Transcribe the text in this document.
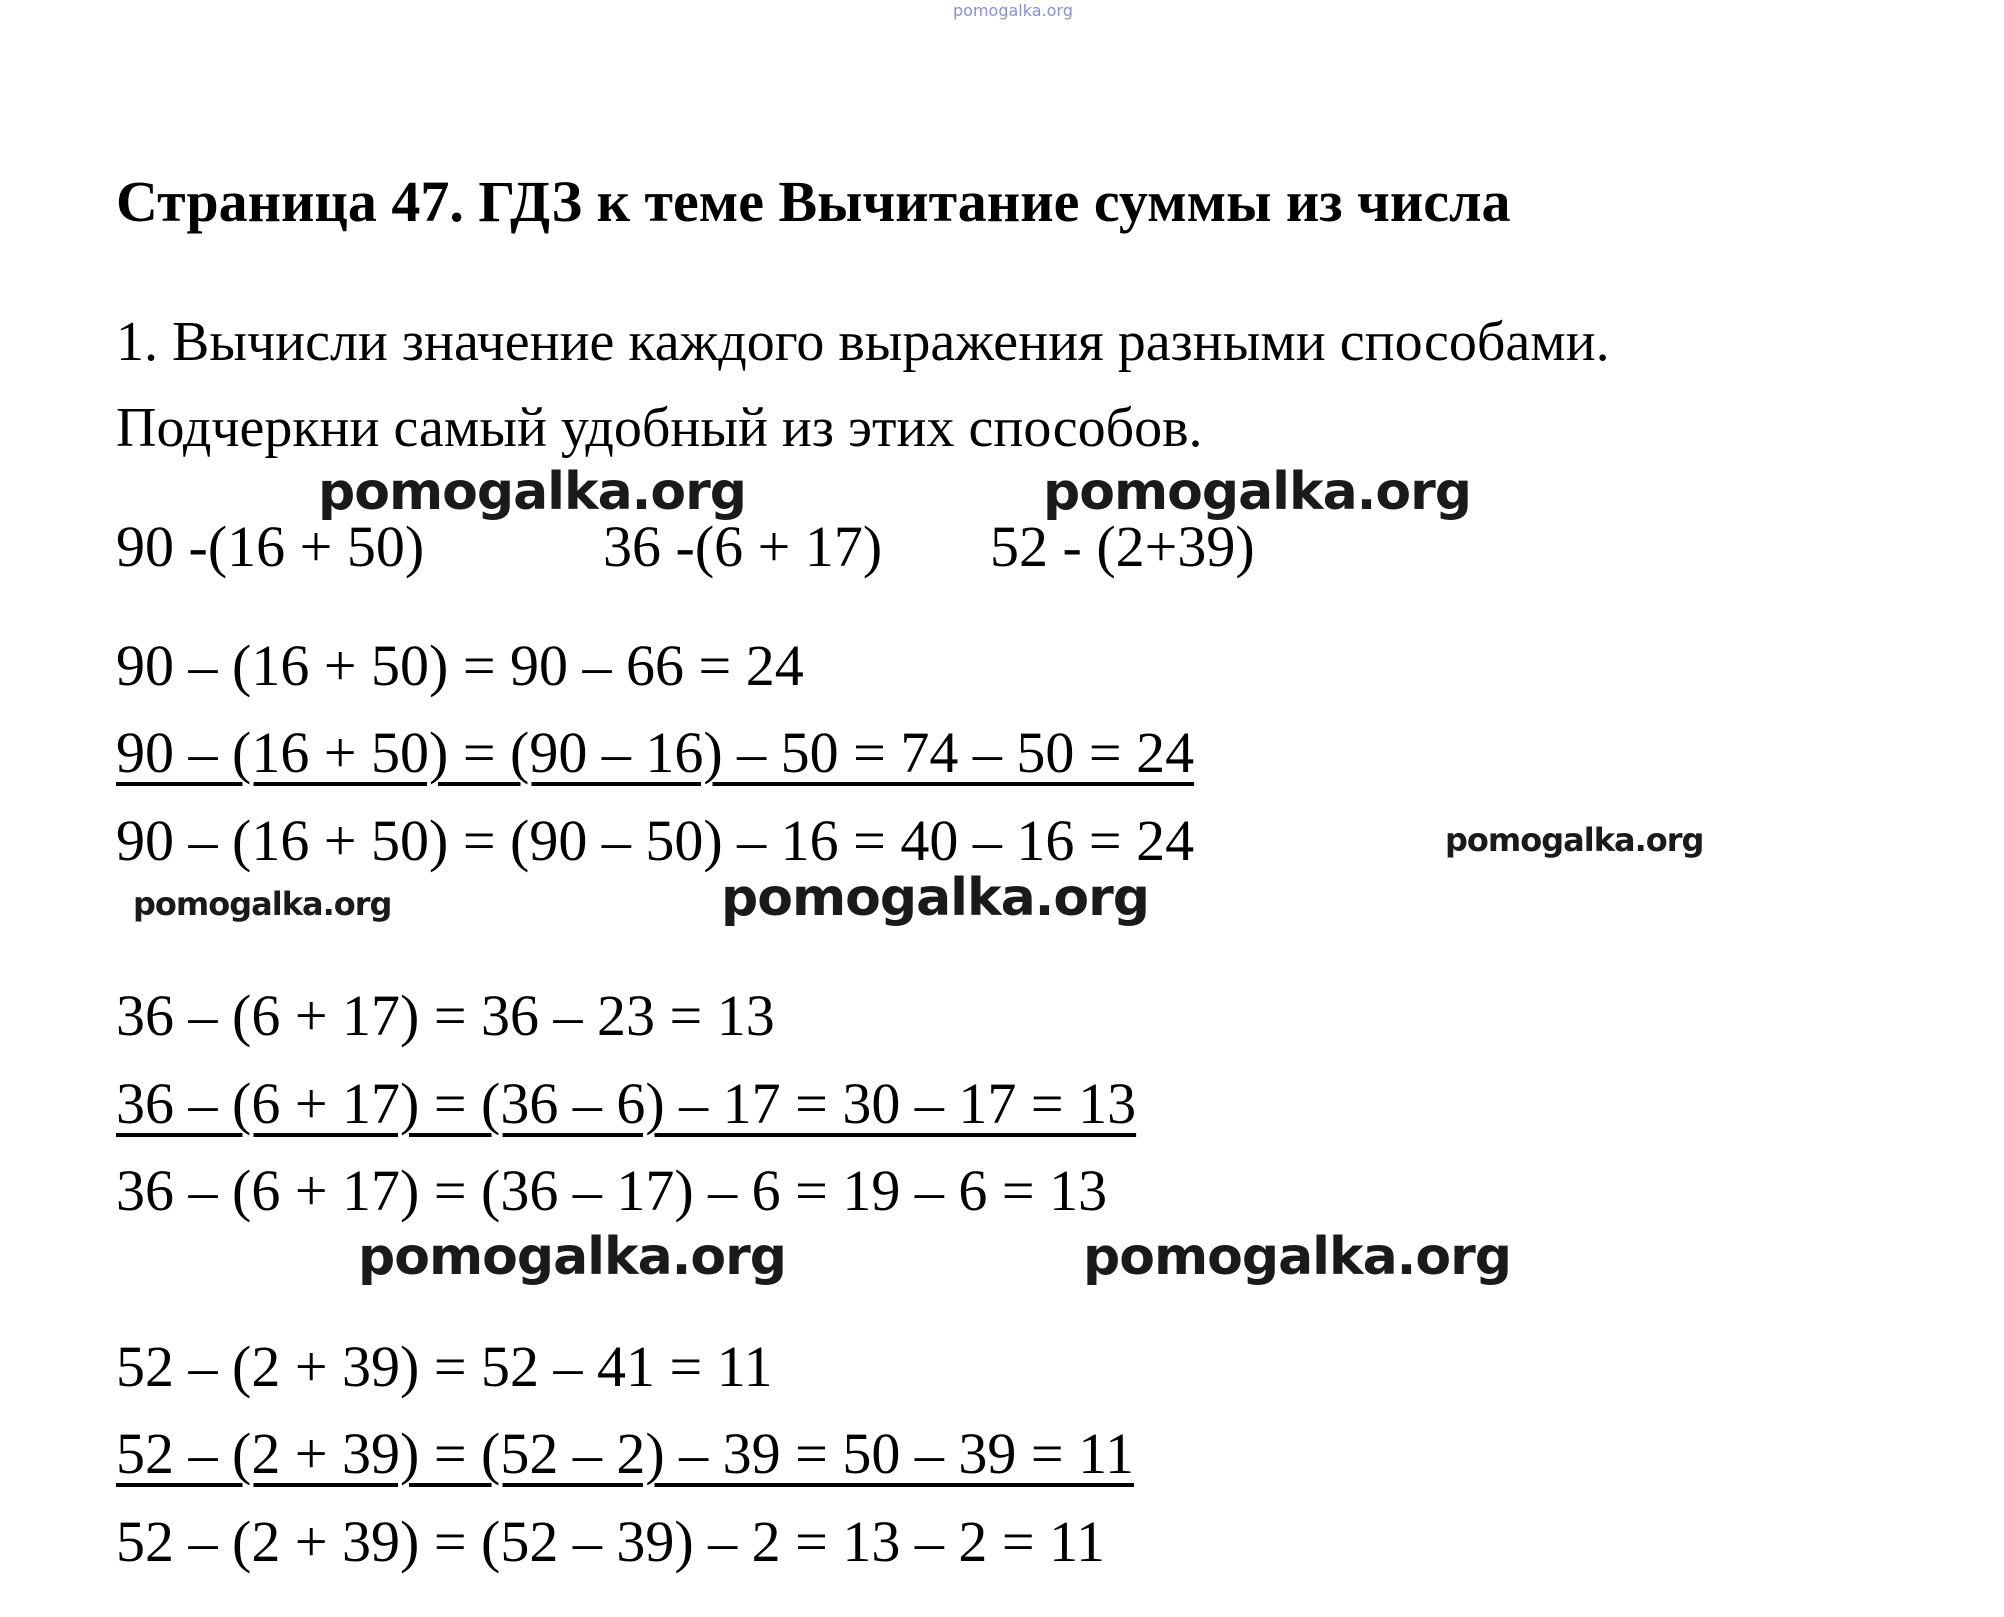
pomogalka.org
Страница 47. ГДЗ к теме Вычитание суммы из числа
1. Вычисли значение каждого выражения разными способами.
Подчеркни самый удобный из этих способов.
pomogalka.org	pomogalka.org
90 -(16 + 50)	36 -(6 + 17) 52 - (2+39)
90 – (16 + 50) = 90 – 66 = 24
90 – (16 + 50) = (90 – 16) – 50 = 74 – 50 = 24
90 – (16 + 50) = (90 – 50) – 16 = 40 – 16 = 24	pomogalka.org
pomogalka.org	pomogalka.org
36 – (6 + 17) = 36 – 23 = 13
36 – (6 + 17) = (36 – 6) – 17 = 30 – 17 = 13
36 – (6 + 17) = (36 – 17) – 6 = 19 – 6 = 13
pomogalka.org	pomogalka.org
52 – (2 + 39) = 52 – 41 = 11
52 – (2 + 39) = (52 – 2) – 39 = 50 – 39 = 11
52 – (2 + 39) = (52 – 39) – 2 = 13 – 2 = 11
